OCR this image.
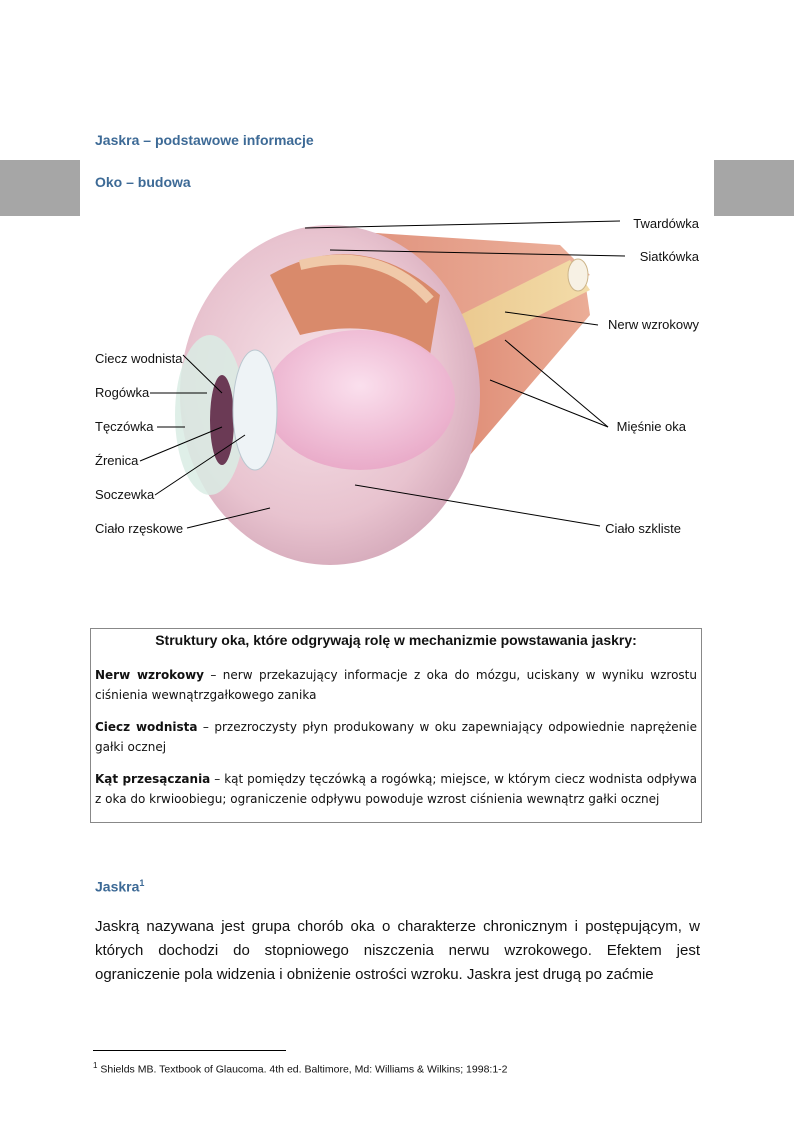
Jaskra – podstawowe informacje
Oko – budowa
Twardówka
Siatkówka
Nerw wzrokowy
Mięśnie oka
Ciało szkliste
Ciecz wodnista
Rogówka
Tęczówka
Źrenica
Soczewka
Ciało rzęskowe
Struktury oka, które odgrywają rolę w mechanizmie powstawania jaskry:

Nerw wzrokowy – nerw przekazujący informacje z oka do mózgu, uciskany w wyniku wzrostu ciśnienia wewnątrzgałkowego zanika

Ciecz wodnista – przezroczysty płyn produkowany w oku zapewniający odpowiednie naprężenie gałki ocznej

Kąt przesączania – kąt pomiędzy tęczówką a rogówką; miejsce, w którym ciecz wodnista odpływa z oka do krwioobiegu; ograniczenie odpływu powoduje wzrost ciśnienia wewnątrz gałki ocznej

Jaskra$^1$

Jaskrą nazywana jest grupa chorób oka o charakterze chronicznym i postępującym, w których dochodzi do stopniowego niszczenia nerwu wzrokowego. Efektem jest ograniczenie pola widzenia i obniżenie ostrości wzroku. Jaskra jest drugą po zaćmie

$^1$ Shields MB. Textbook of Glaucoma. 4th ed. Baltimore, Md: Williams & Wilkins; 1998:1-2
